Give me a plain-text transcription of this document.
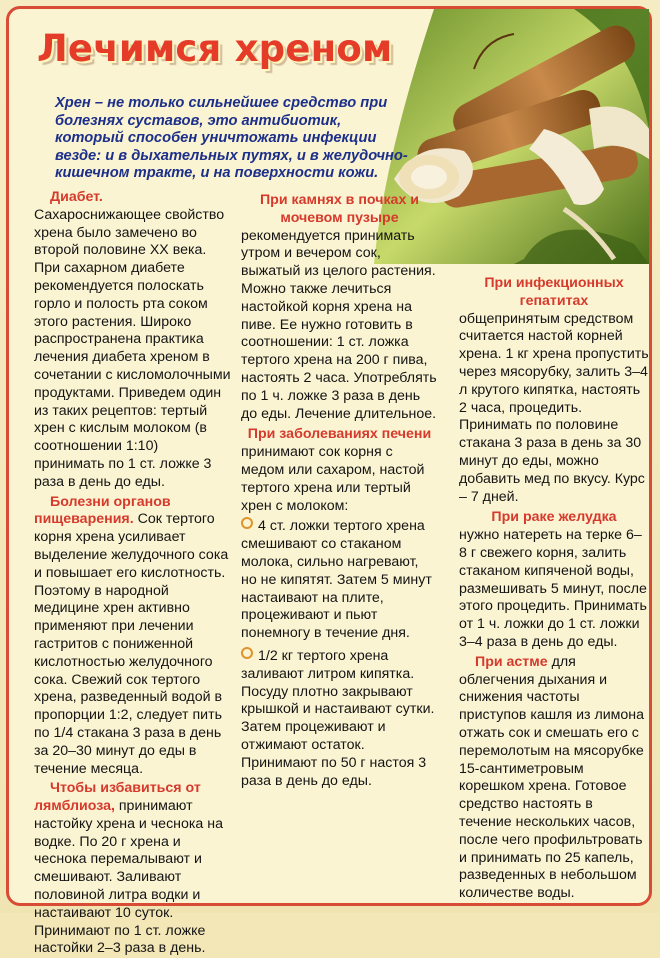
Лечимся хреном

Хрен – не только сильнейшее средство при болезнях суставов, это антибиотик, который способен уничтожать инфекции везде: и в дыхательных путях, и в желудочно-кишечном тракте, и на поверхности кожи.

Диабет. Сахароснижающее свойство хрена было замечено во второй половине XX века. При сахарном диабете рекомендуется полоскать горло и полость рта соком этого растения. Широко распространена практика лечения диабета хреном в сочетании с кисломолочными продуктами. Приведем один из таких рецептов: тертый хрен с кислым молоком (в соотношении 1:10) принимать по 1 ст. ложке 3 раза в день до еды.

Болезни органов пищеварения. Сок тертого корня хрена усиливает выделение желудочного сока и повышает его кислотность. Поэтому в народной медицине хрен активно применяют при лечении гастритов с пониженной кислотностью желудочного сока. Свежий сок тертого хрена, разведенный водой в пропорции 1:2, следует пить по 1/4 стакана 3 раза в день за 20–30 минут до еды в течение месяца.

Чтобы избавиться от лямблиоза, принимают настойку хрена и чеснока на водке. По 20 г хрена и чеснока перемалывают и смешивают. Заливают половиной литра водки и настаивают 10 суток. Принимают по 1 ст. ложке настойки 2–3 раза в день.

При камнях в почках и мочевом пузыре
рекомендуется принимать утром и вечером сок, выжатый из целого растения. Можно также лечиться настойкой корня хрена на пиве. Ее нужно готовить в соотношении: 1 ст. ложка тертого хрена на 200 г пива, настоять 2 часа. Употреблять по 1 ч. ложке 3 раза в день до еды. Лечение длительное.

При заболеваниях печени
принимают сок корня с медом или сахаром, настой тертого хрена или тертый хрен с молоком:

4 ст. ложки тертого хрена смешивают со стаканом молока, сильно нагревают, но не кипятят. Затем 5 минут настаивают на плите, процеживают и пьют понемногу в течение дня.

1/2 кг тертого хрена заливают литром кипятка. Посуду плотно закрывают крышкой и настаивают сутки. Затем процеживают и отжимают остаток. Принимают по 50 г настоя 3 раза в день до еды.

При инфекционных гепатитах
общепринятым средством считается настой корней хрена. 1 кг хрена пропустить через мясорубку, залить 3–4 л крутого кипятка, настоять 2 часа, процедить. Принимать по половине стакана 3 раза в день за 30 минут до еды, можно добавить мед по вкусу. Курс – 7 дней.

При раке желудка
нужно натереть на терке 6–8 г свежего корня, залить стаканом кипяченой воды, размешивать 5 минут, после этого процедить. Принимать от 1 ч. ложки до 1 ст. ложки 3–4 раза в день до еды.

При астме для облегчения дыхания и снижения частоты приступов кашля из лимона отжать сок и смешать его с перемолотым на мясорубке 15-сантиметровым корешком хрена. Готовое средство настоять в течение нескольких часов, после чего профильтровать и принимать по 25 капель, разведенных в небольшом количестве воды.
